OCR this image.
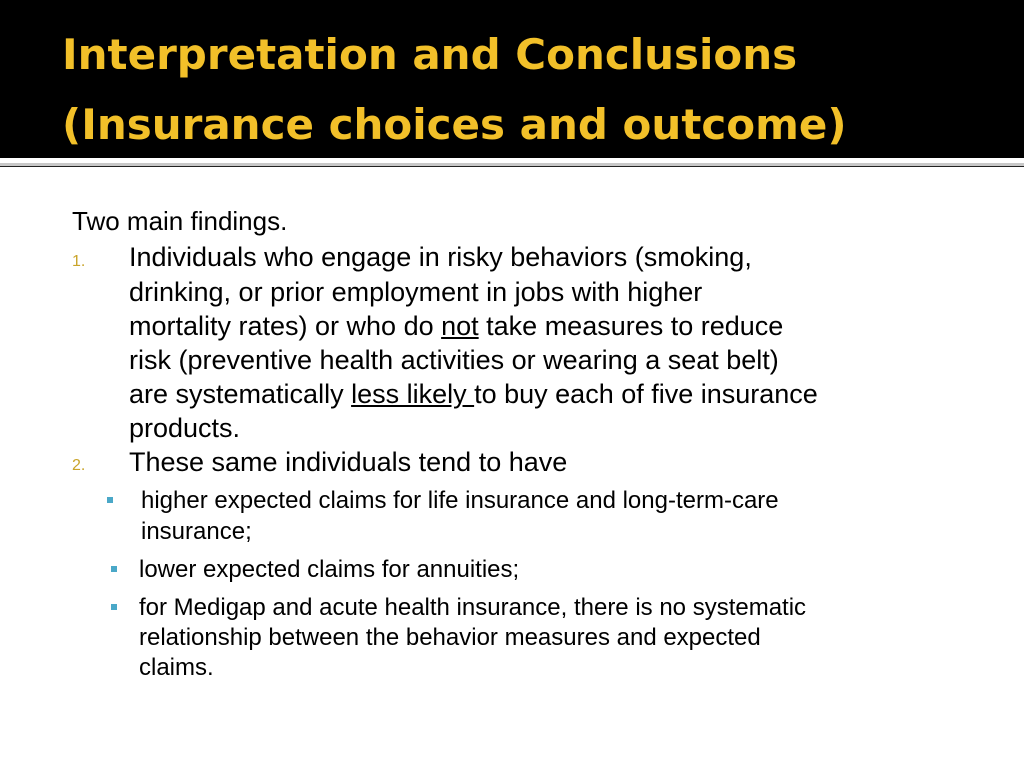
Interpretation and Conclusions
(Insurance choices and outcome)
Two main findings.
1. Individuals who engage in risky behaviors (smoking,
drinking, or prior employment in jobs with higher
mortality rates) or who do not take measures to reduce
risk (preventive health activities or wearing a seat belt)
are systematically less likely to buy each of five insurance
products.
2. These same individuals tend to have
higher expected claims for life insurance and long-term-care
insurance;
lower expected claims for annuities;
for Medigap and acute health insurance, there is no systematic
relationship between the behavior measures and expected
claims.
